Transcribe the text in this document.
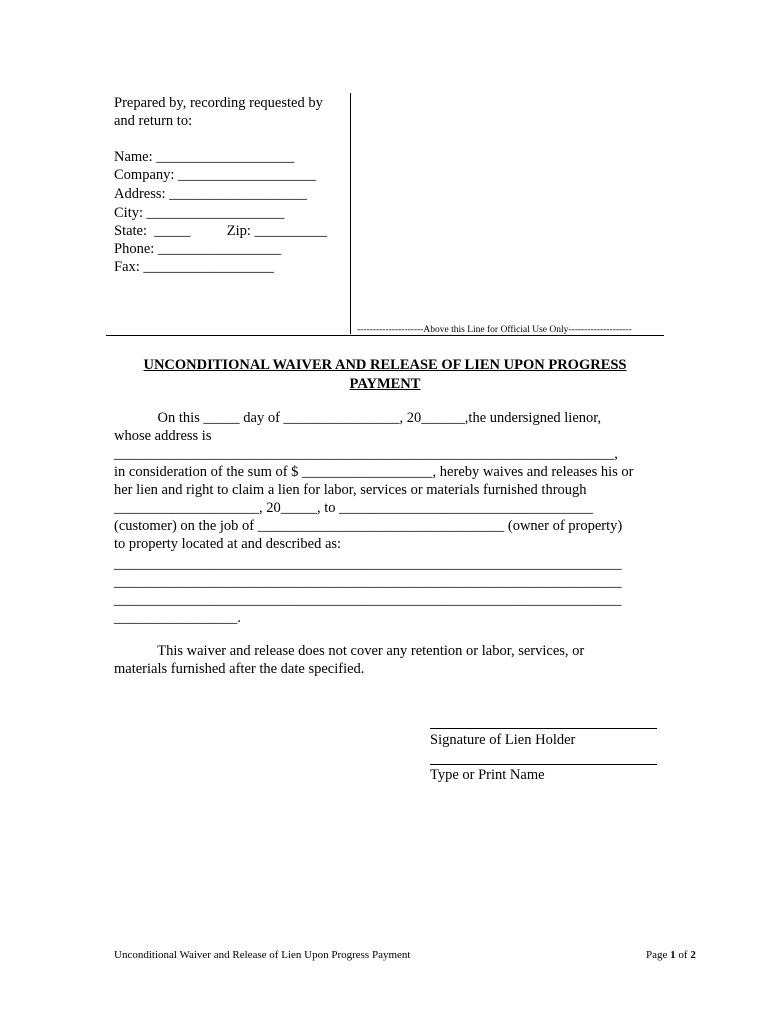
Prepared by, recording requested by
and return to:
Name: ___________________
Company: ___________________
Address: ___________________
City: ___________________
State:  _____          Zip: __________
Phone: _________________
Fax: __________________
---------------------Above this Line for Official Use Only--------------------
UNCONDITIONAL WAIVER AND RELEASE OF LIEN UPON PROGRESS
PAYMENT
On this _____ day of ________________, 20______,the undersigned lienor,
whose address is
_____________________________________________________________________,
in consideration of the sum of $ __________________, hereby waives and releases his or
her lien and right to claim a lien for labor, services or materials furnished through
____________________, 20_____, to ___________________________________
(customer) on the job of __________________________________ (owner of property)
to property located at and described as:
______________________________________________________________________
______________________________________________________________________
______________________________________________________________________
_________________.
This waiver and release does not cover any retention or labor, services, or
materials furnished after the date specified.
Signature of Lien Holder
Type or Print Name
Unconditional Waiver and Release of Lien Upon Progress Payment	Page 1 of 2
